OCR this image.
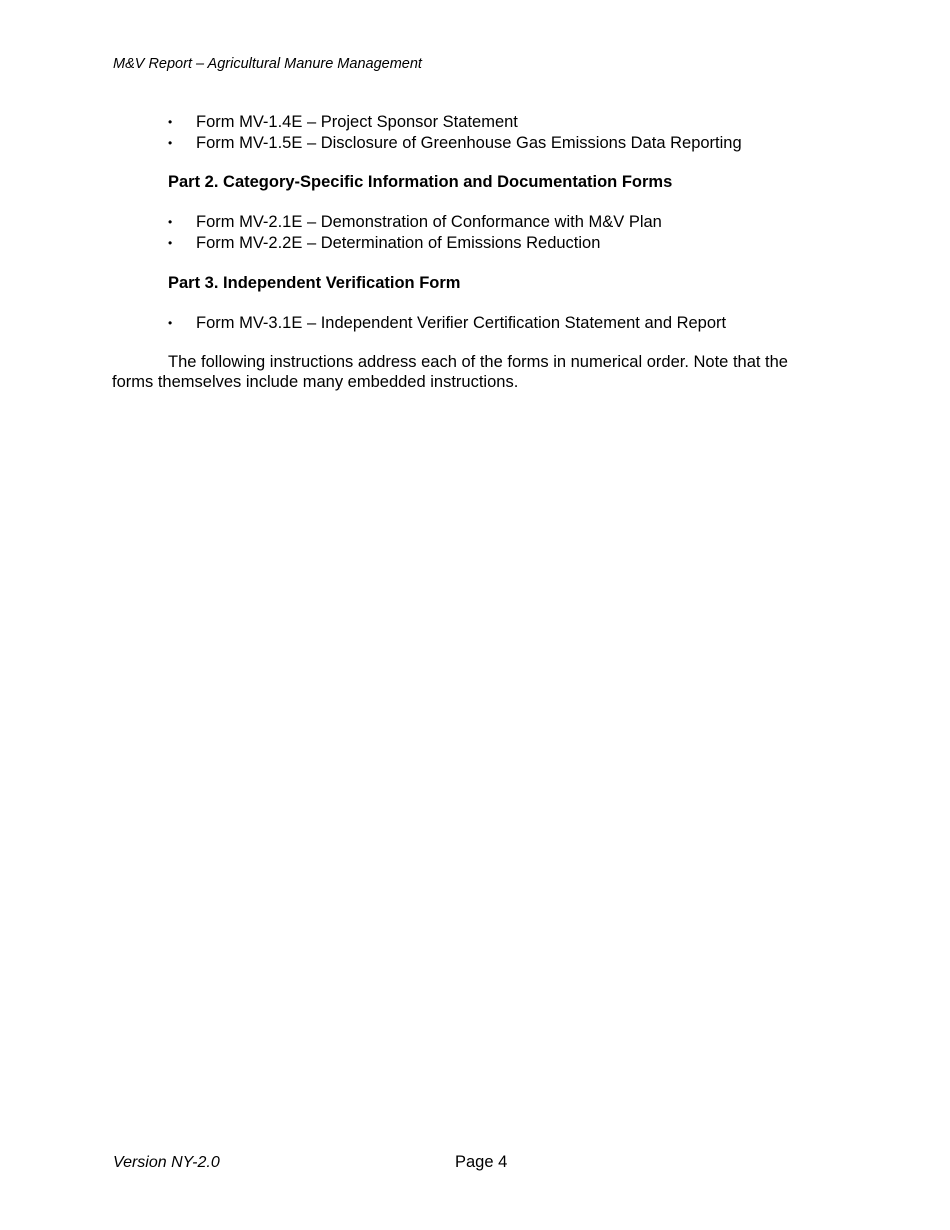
M&V Report – Agricultural Manure Management
•	Form MV-1.4E – Project Sponsor Statement
•	Form MV-1.5E – Disclosure of Greenhouse Gas Emissions Data Reporting
Part 2. Category-Specific Information and Documentation Forms
•	Form MV-2.1E – Demonstration of Conformance with M&V Plan
•	Form MV-2.2E – Determination of Emissions Reduction
Part 3. Independent Verification Form
•	Form MV-3.1E – Independent Verifier Certification Statement and Report

The following instructions address each of the forms in numerical order. Note that the forms themselves include many embedded instructions.

Version NY-2.0	Page 4
